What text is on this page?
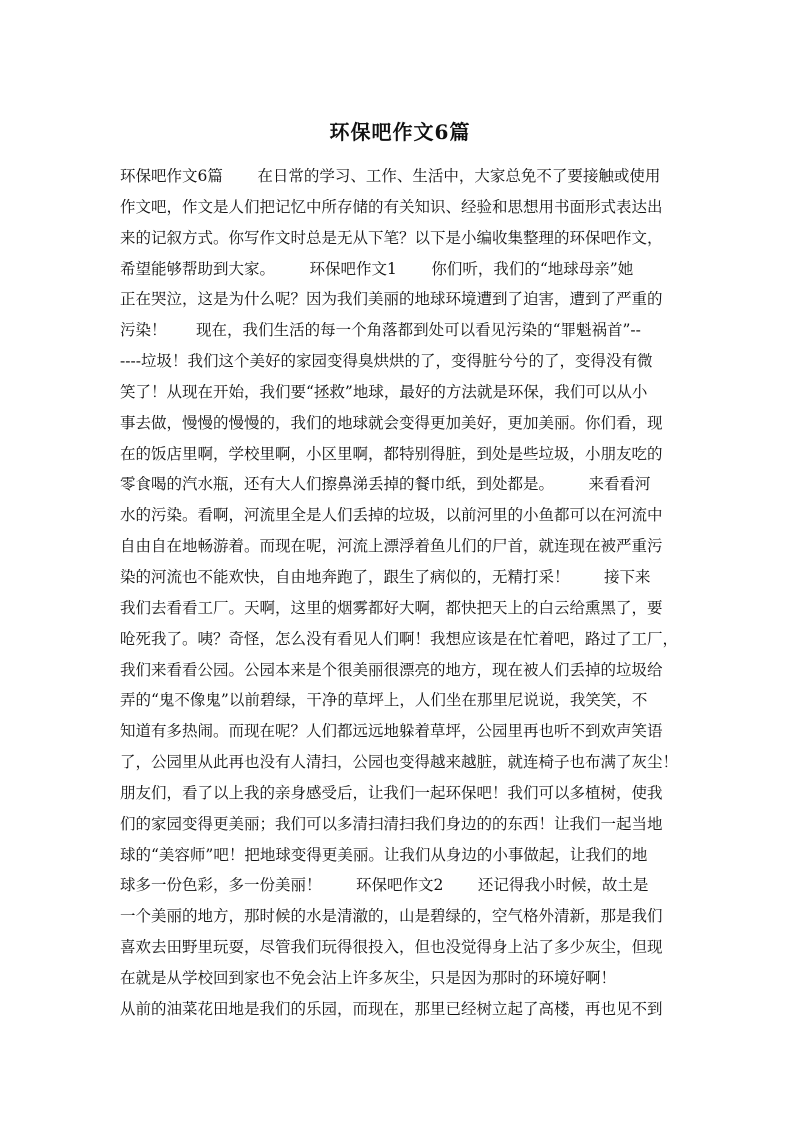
环保吧作文6篇
环保吧作文6篇       在日常的学习、工作、生活中，大家总免不了要接触或使用
作文吧，作文是人们把记忆中所存储的有关知识、经验和思想用书面形式表达出
来的记叙方式。你写作文时总是无从下笔？以下是小编收集整理的环保吧作文，
希望能够帮助到大家。       环保吧作文1       你们听，我们的“地球母亲”她
正在哭泣，这是为什么呢？因为我们美丽的地球环境遭到了迫害，遭到了严重的
污染！      现在，我们生活的每一个角落都到处可以看见污染的“罪魁祸首”--
----垃圾！我们这个美好的家园变得臭烘烘的了，变得脏兮兮的了，变得没有微
笑了！从现在开始，我们要“拯救”地球，最好的方法就是环保，我们可以从小
事去做，慢慢的慢慢的，我们的地球就会变得更加美好，更加美丽。你们看，现
在的饭店里啊，学校里啊，小区里啊，都特别得脏，到处是些垃圾，小朋友吃的
零食喝的汽水瓶，还有大人们擦鼻涕丢掉的餐巾纸，到处都是。       来看看河
水的污染。看啊，河流里全是人们丢掉的垃圾，以前河里的小鱼都可以在河流中
自由自在地畅游着。而现在呢，河流上漂浮着鱼儿们的尸首，就连现在被严重污
染的河流也不能欢快，自由地奔跑了，跟生了病似的，无精打采！       接下来
我们去看看工厂。天啊，这里的烟雾都好大啊，都快把天上的白云给熏黑了，要
呛死我了。咦？奇怪，怎么没有看见人们啊！我想应该是在忙着吧，路过了工厂，
我们来看看公园。公园本来是个很美丽很漂亮的地方，现在被人们丢掉的垃圾给
弄的“鬼不像鬼”以前碧绿，干净的草坪上，人们坐在那里尼说说，我笑笑，不
知道有多热闹。而现在呢？人们都远远地躲着草坪，公园里再也听不到欢声笑语
了，公园里从此再也没有人清扫，公园也变得越来越脏，就连椅子也布满了灰尘！
朋友们，看了以上我的亲身感受后，让我们一起环保吧！我们可以多植树，使我
们的家园变得更美丽；我们可以多清扫清扫我们身边的的东西！让我们一起当地
球的“美容师”吧！把地球变得更美丽。让我们从身边的小事做起，让我们的地
球多一份色彩，多一份美丽！       环保吧作文2       还记得我小时候，故土是
一个美丽的地方，那时候的水是清澈的，山是碧绿的，空气格外清新，那是我们
喜欢去田野里玩耍，尽管我们玩得很投入，但也没觉得身上沾了多少灰尘，但现
在就是从学校回到家也不免会沾上许多灰尘，只是因为那时的环境好啊！
从前的油菜花田地是我们的乐园，而现在，那里已经树立起了高楼，再也见不到
